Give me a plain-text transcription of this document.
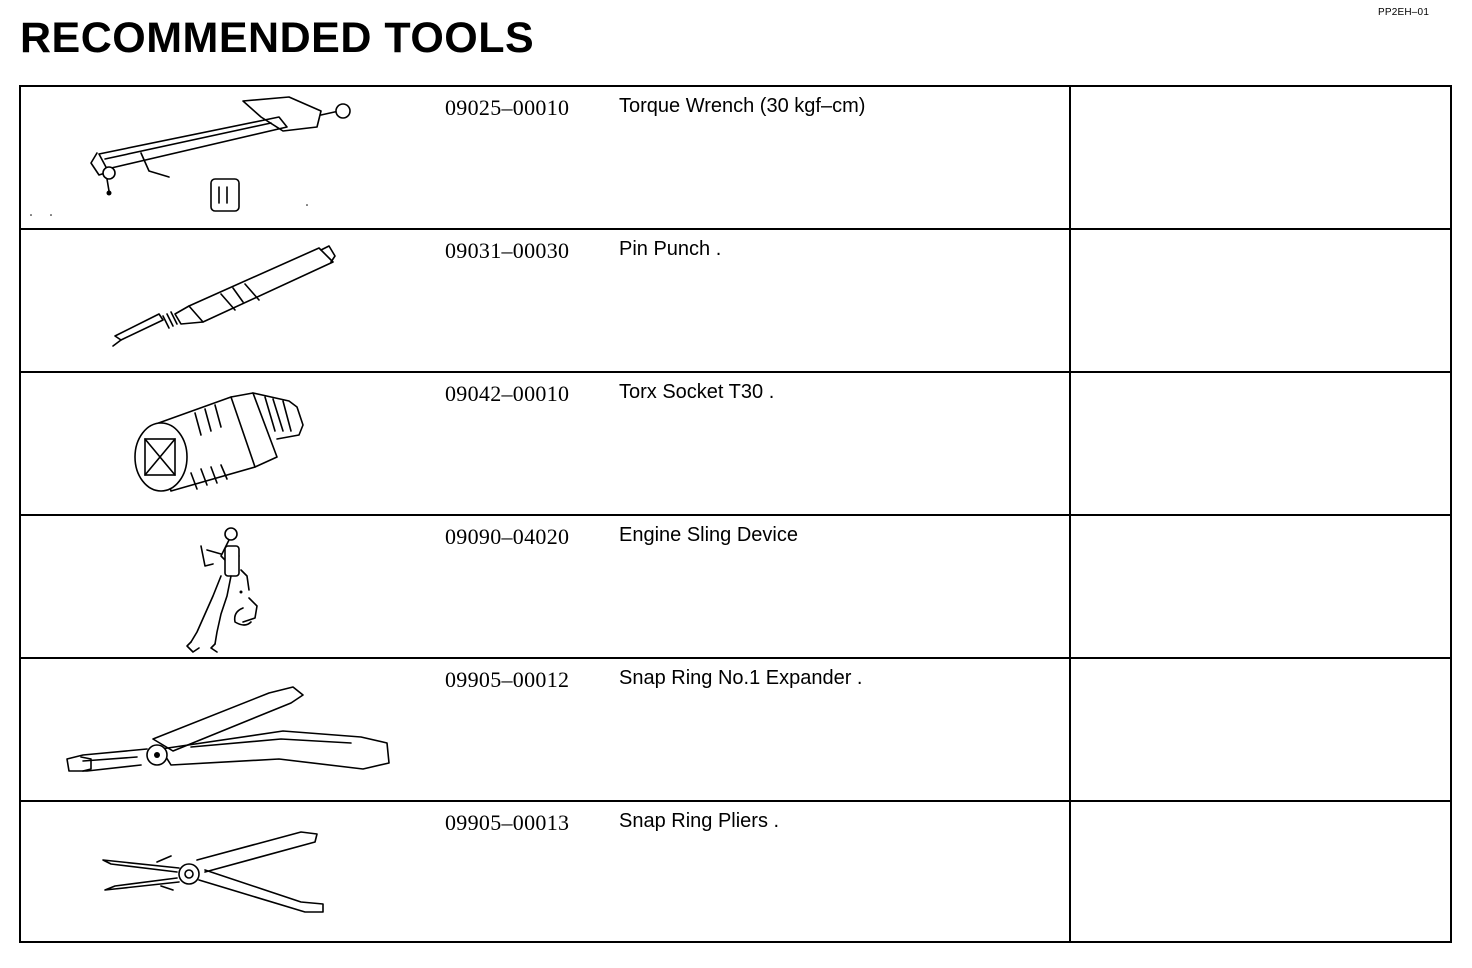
PP2EH–01
RECOMMENDED TOOLS
09025–00010 Torque Wrench (30 kgf–cm)
09031–00030 Pin Punch .
09042–00010 Torx Socket T30 .
09090–04020 Engine Sling Device
09905–00012 Snap Ring No.1 Expander .
09905–00013 Snap Ring Pliers .
